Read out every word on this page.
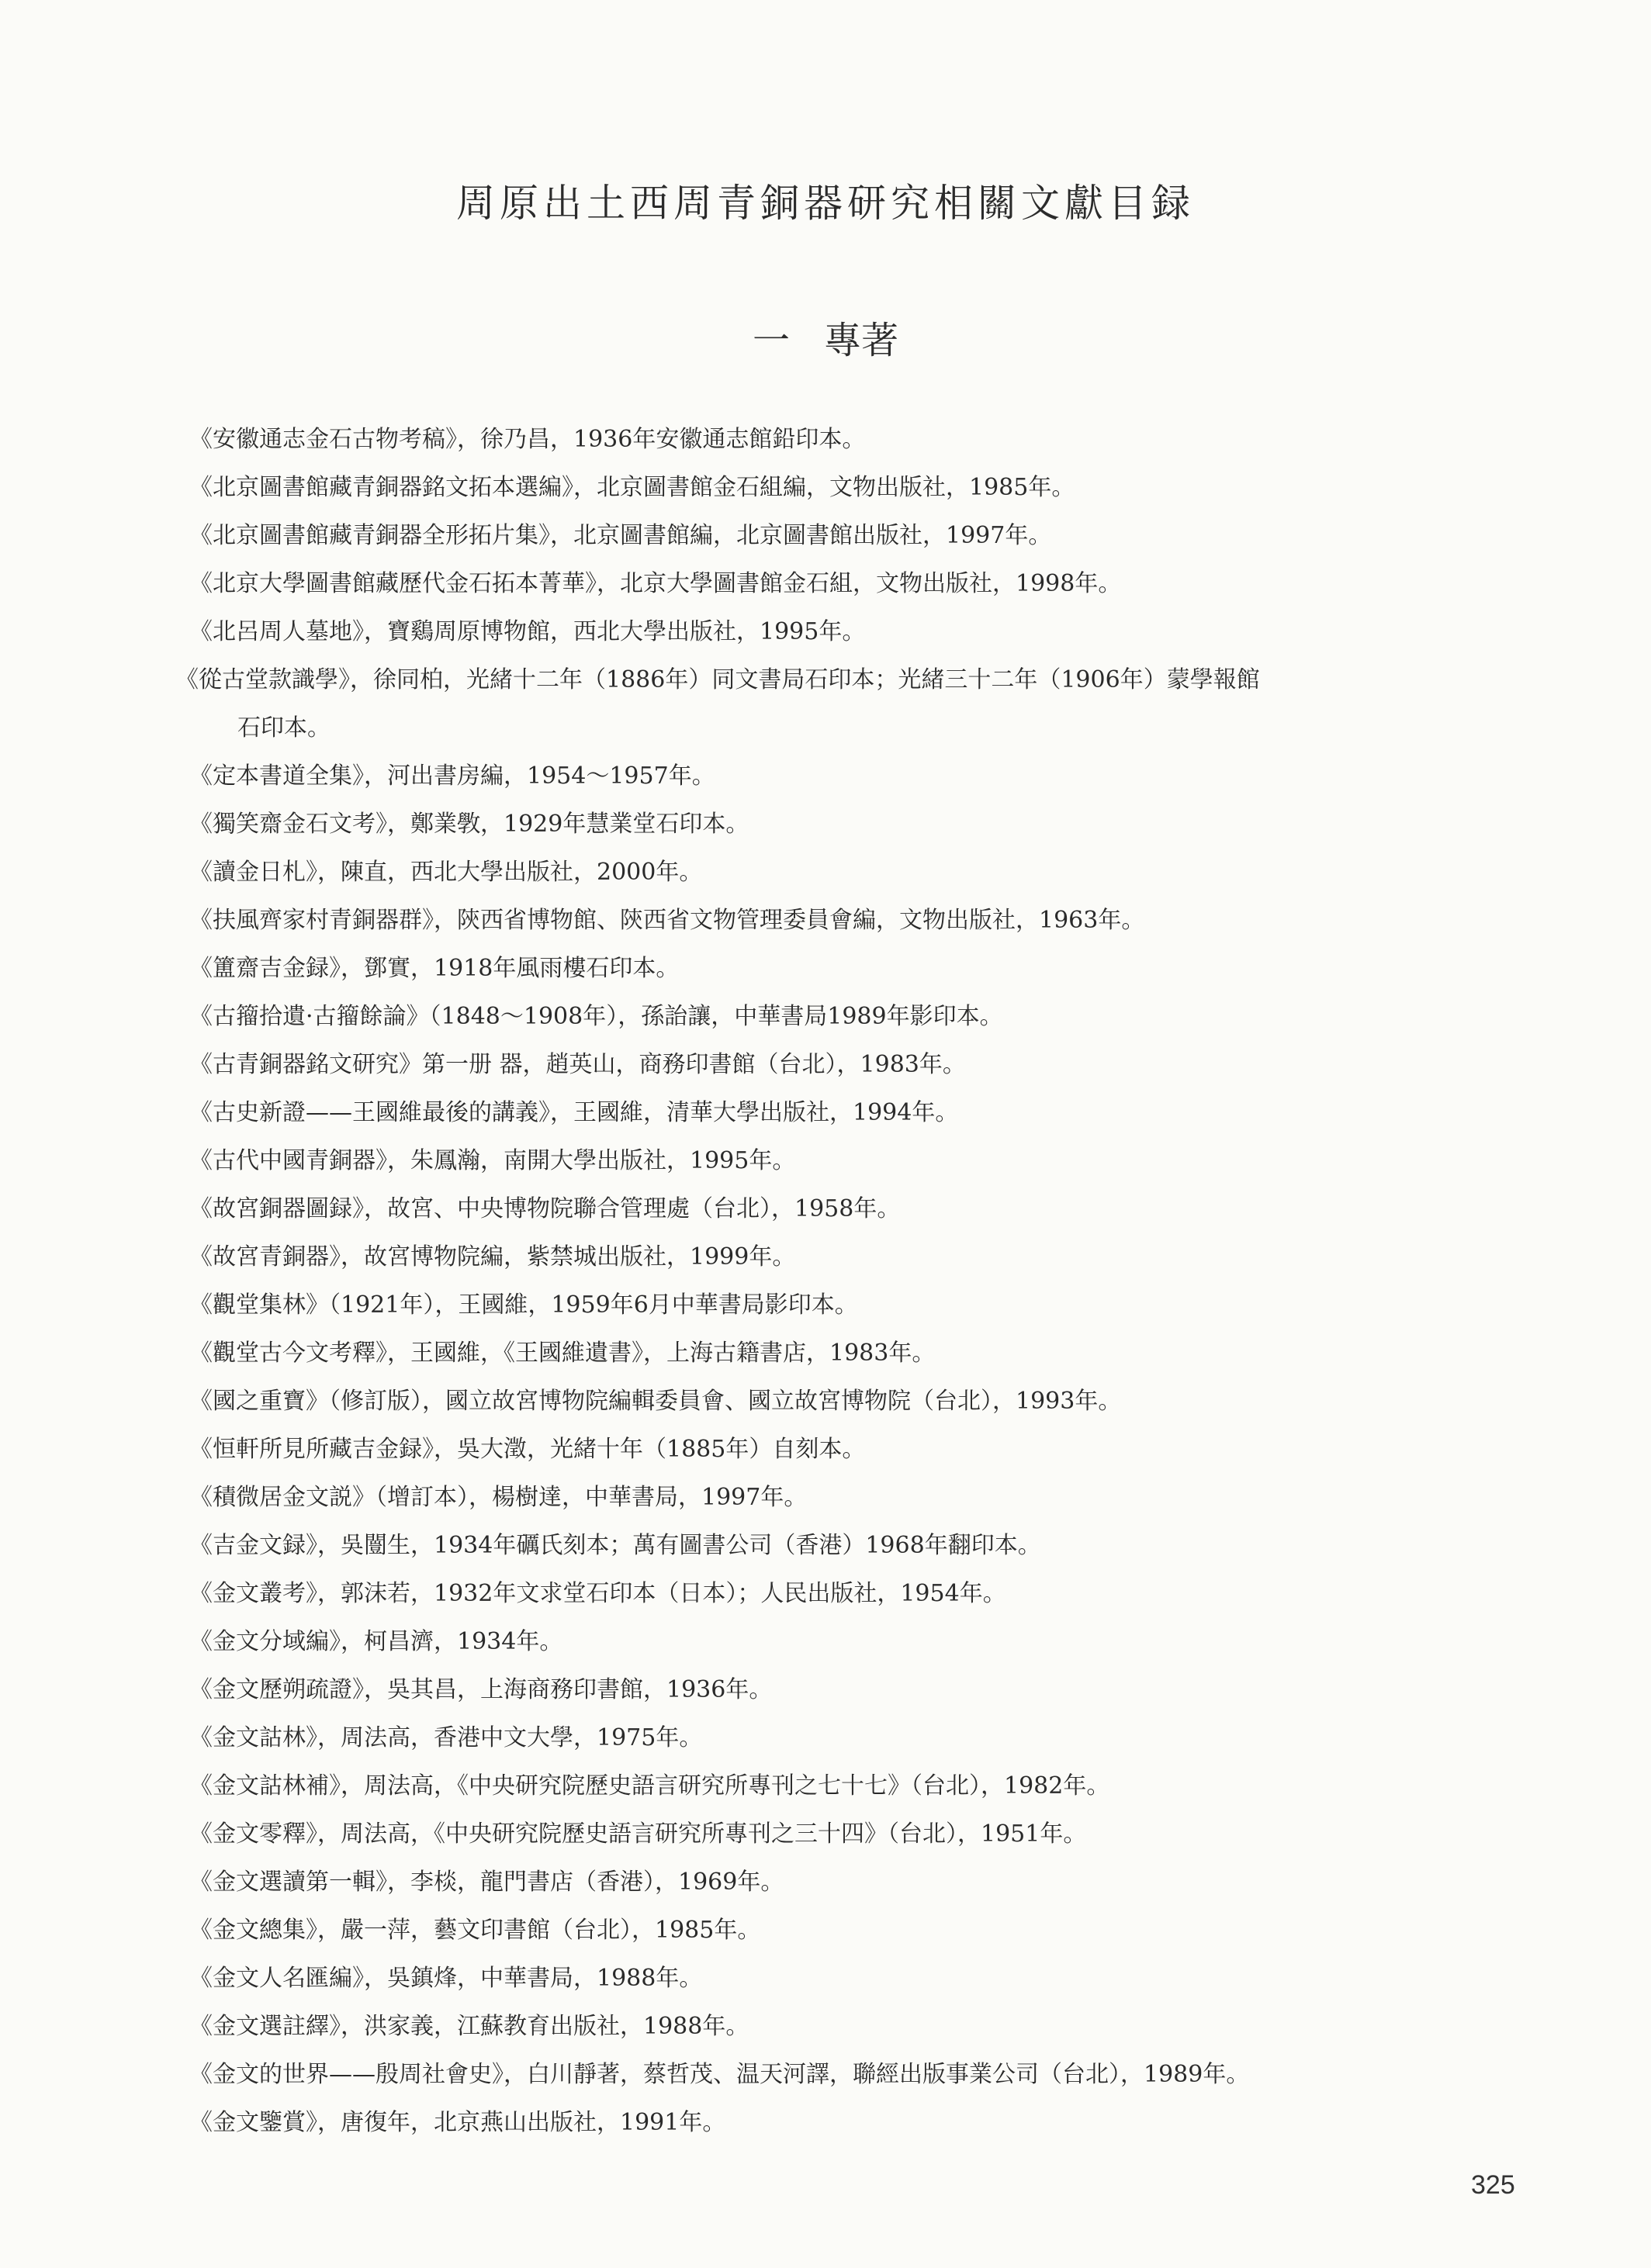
周原出土西周青銅器研究相關文獻目録
一 專著
《安徽通志金石古物考稿》，徐乃昌，1936年安徽通志館鉛印本。
《北京圖書館藏青銅器銘文拓本選編》，北京圖書館金石組編，文物出版社，1985年。
《北京圖書館藏青銅器全形拓片集》，北京圖書館編，北京圖書館出版社，1997年。
《北京大學圖書館藏歷代金石拓本菁華》，北京大學圖書館金石組，文物出版社，1998年。
《北呂周人墓地》，寶鷄周原博物館，西北大學出版社，1995年。
《從古堂款識學》，徐同柏，光緒十二年（1886年）同文書局石印本；光緒三十二年（1906年）蒙學報館
石印本。
《定本書道全集》，河出書房編，1954～1957年。
《獨笑齋金石文考》，鄭業斆，1929年慧業堂石印本。
《讀金日札》，陳直，西北大學出版社，2000年。
《扶風齊家村青銅器群》，陝西省博物館、陝西省文物管理委員會編，文物出版社，1963年。
《簠齋吉金録》，鄧實，1918年風雨樓石印本。
《古籀拾遺·古籀餘論》（1848～1908年），孫詒讓，中華書局1989年影印本。
《古青銅器銘文研究》第一册 器，趙英山，商務印書館（台北），1983年。
《古史新證——王國維最後的講義》，王國維，清華大學出版社，1994年。
《古代中國青銅器》，朱鳳瀚，南開大學出版社，1995年。
《故宮銅器圖録》，故宮、中央博物院聯合管理處（台北），1958年。
《故宮青銅器》，故宮博物院編，紫禁城出版社，1999年。
《觀堂集林》（1921年），王國維，1959年6月中華書局影印本。
《觀堂古今文考釋》，王國維，《王國維遺書》，上海古籍書店，1983年。
《國之重寶》（修訂版），國立故宮博物院編輯委員會、國立故宮博物院（台北），1993年。
《恒軒所見所藏吉金録》，吳大澂，光緒十年（1885年）自刻本。
《積微居金文説》（增訂本），楊樹達，中華書局，1997年。
《吉金文録》，吳闓生，1934年礪氏刻本；萬有圖書公司（香港）1968年翻印本。
《金文叢考》，郭沫若，1932年文求堂石印本（日本）；人民出版社，1954年。
《金文分域編》，柯昌濟，1934年。
《金文歷朔疏證》，吳其昌，上海商務印書館，1936年。
《金文詁林》，周法高，香港中文大學，1975年。
《金文詁林補》，周法高，《中央研究院歷史語言研究所專刊之七十七》（台北），1982年。
《金文零釋》，周法高，《中央研究院歷史語言研究所專刊之三十四》（台北），1951年。
《金文選讀第一輯》，李棪，龍門書店（香港），1969年。
《金文總集》，嚴一萍，藝文印書館（台北），1985年。
《金文人名匯編》，吳鎮烽，中華書局，1988年。
《金文選註繹》，洪家義，江蘇教育出版社，1988年。
《金文的世界——殷周社會史》，白川靜著，蔡哲茂、温天河譯，聯經出版事業公司（台北），1989年。
《金文鑒賞》，唐復年，北京燕山出版社，1991年。
325
